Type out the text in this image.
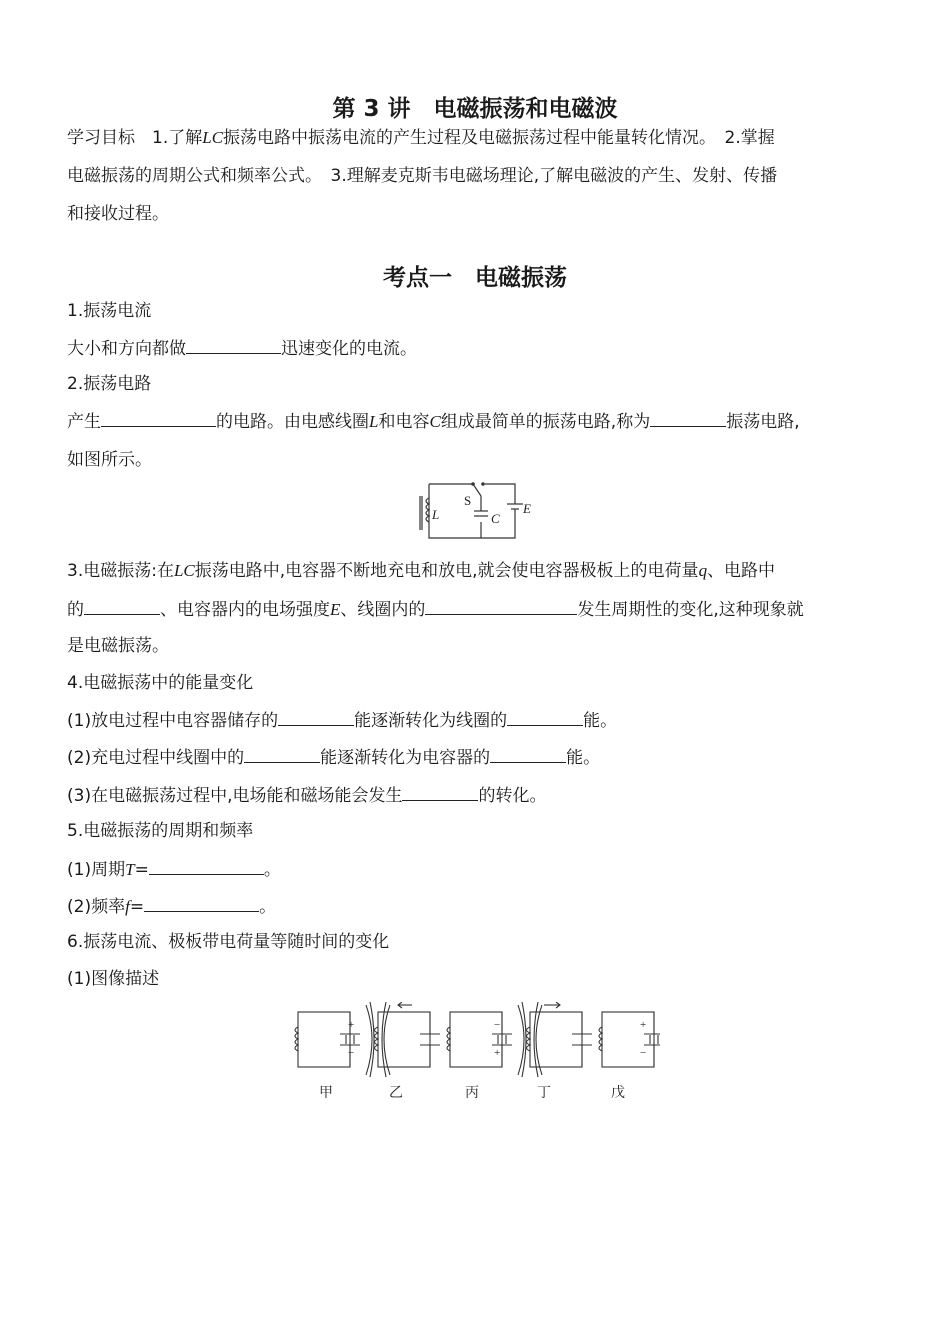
第 3 讲　 电磁振荡和电磁波
学习目标　1.了解LC振荡电路中振荡电流的产生过程及电磁振荡过程中能量转化情况。　2.掌握
电磁振荡的周期公式和频率公式。　3.理解麦克斯韦电磁场理论,了解电磁波的产生、发射、传播
和接收过程。
考点一　电磁振荡
1.振荡电流
大小和方向都做	迅速变化的电流。
2.振荡电路
产生	的电路。由电感线圈L和电容C组成最简单的振荡电路,称为	振荡电路,
如图所示。
S
L	C
E
3.电磁振荡:在LC振荡电路中,电容器不断地充电和放电,就会使电容器极板上的电荷量q、电路中
的	、电容器内的电场强度E、线圈内的	发生周期性的变化,这种现象就
是电磁振荡。
4.电磁振荡中的能量变化
(1)放电过程中电容器储存的	能逐渐转化为线圈的	能。
(2)充电过程中线圈中的	能逐渐转化为电容器的	能。
(3)在电磁振荡过程中,电场能和磁场能会发生	的转化。
5.电磁振荡的周期和频率
(1)周期T=	。
(2)频率f=	。
6.振荡电流、极板带电荷量等随时间的变化
(1)图像描述
+
−
−
+
+
−
甲	乙	丙	丁	戊
